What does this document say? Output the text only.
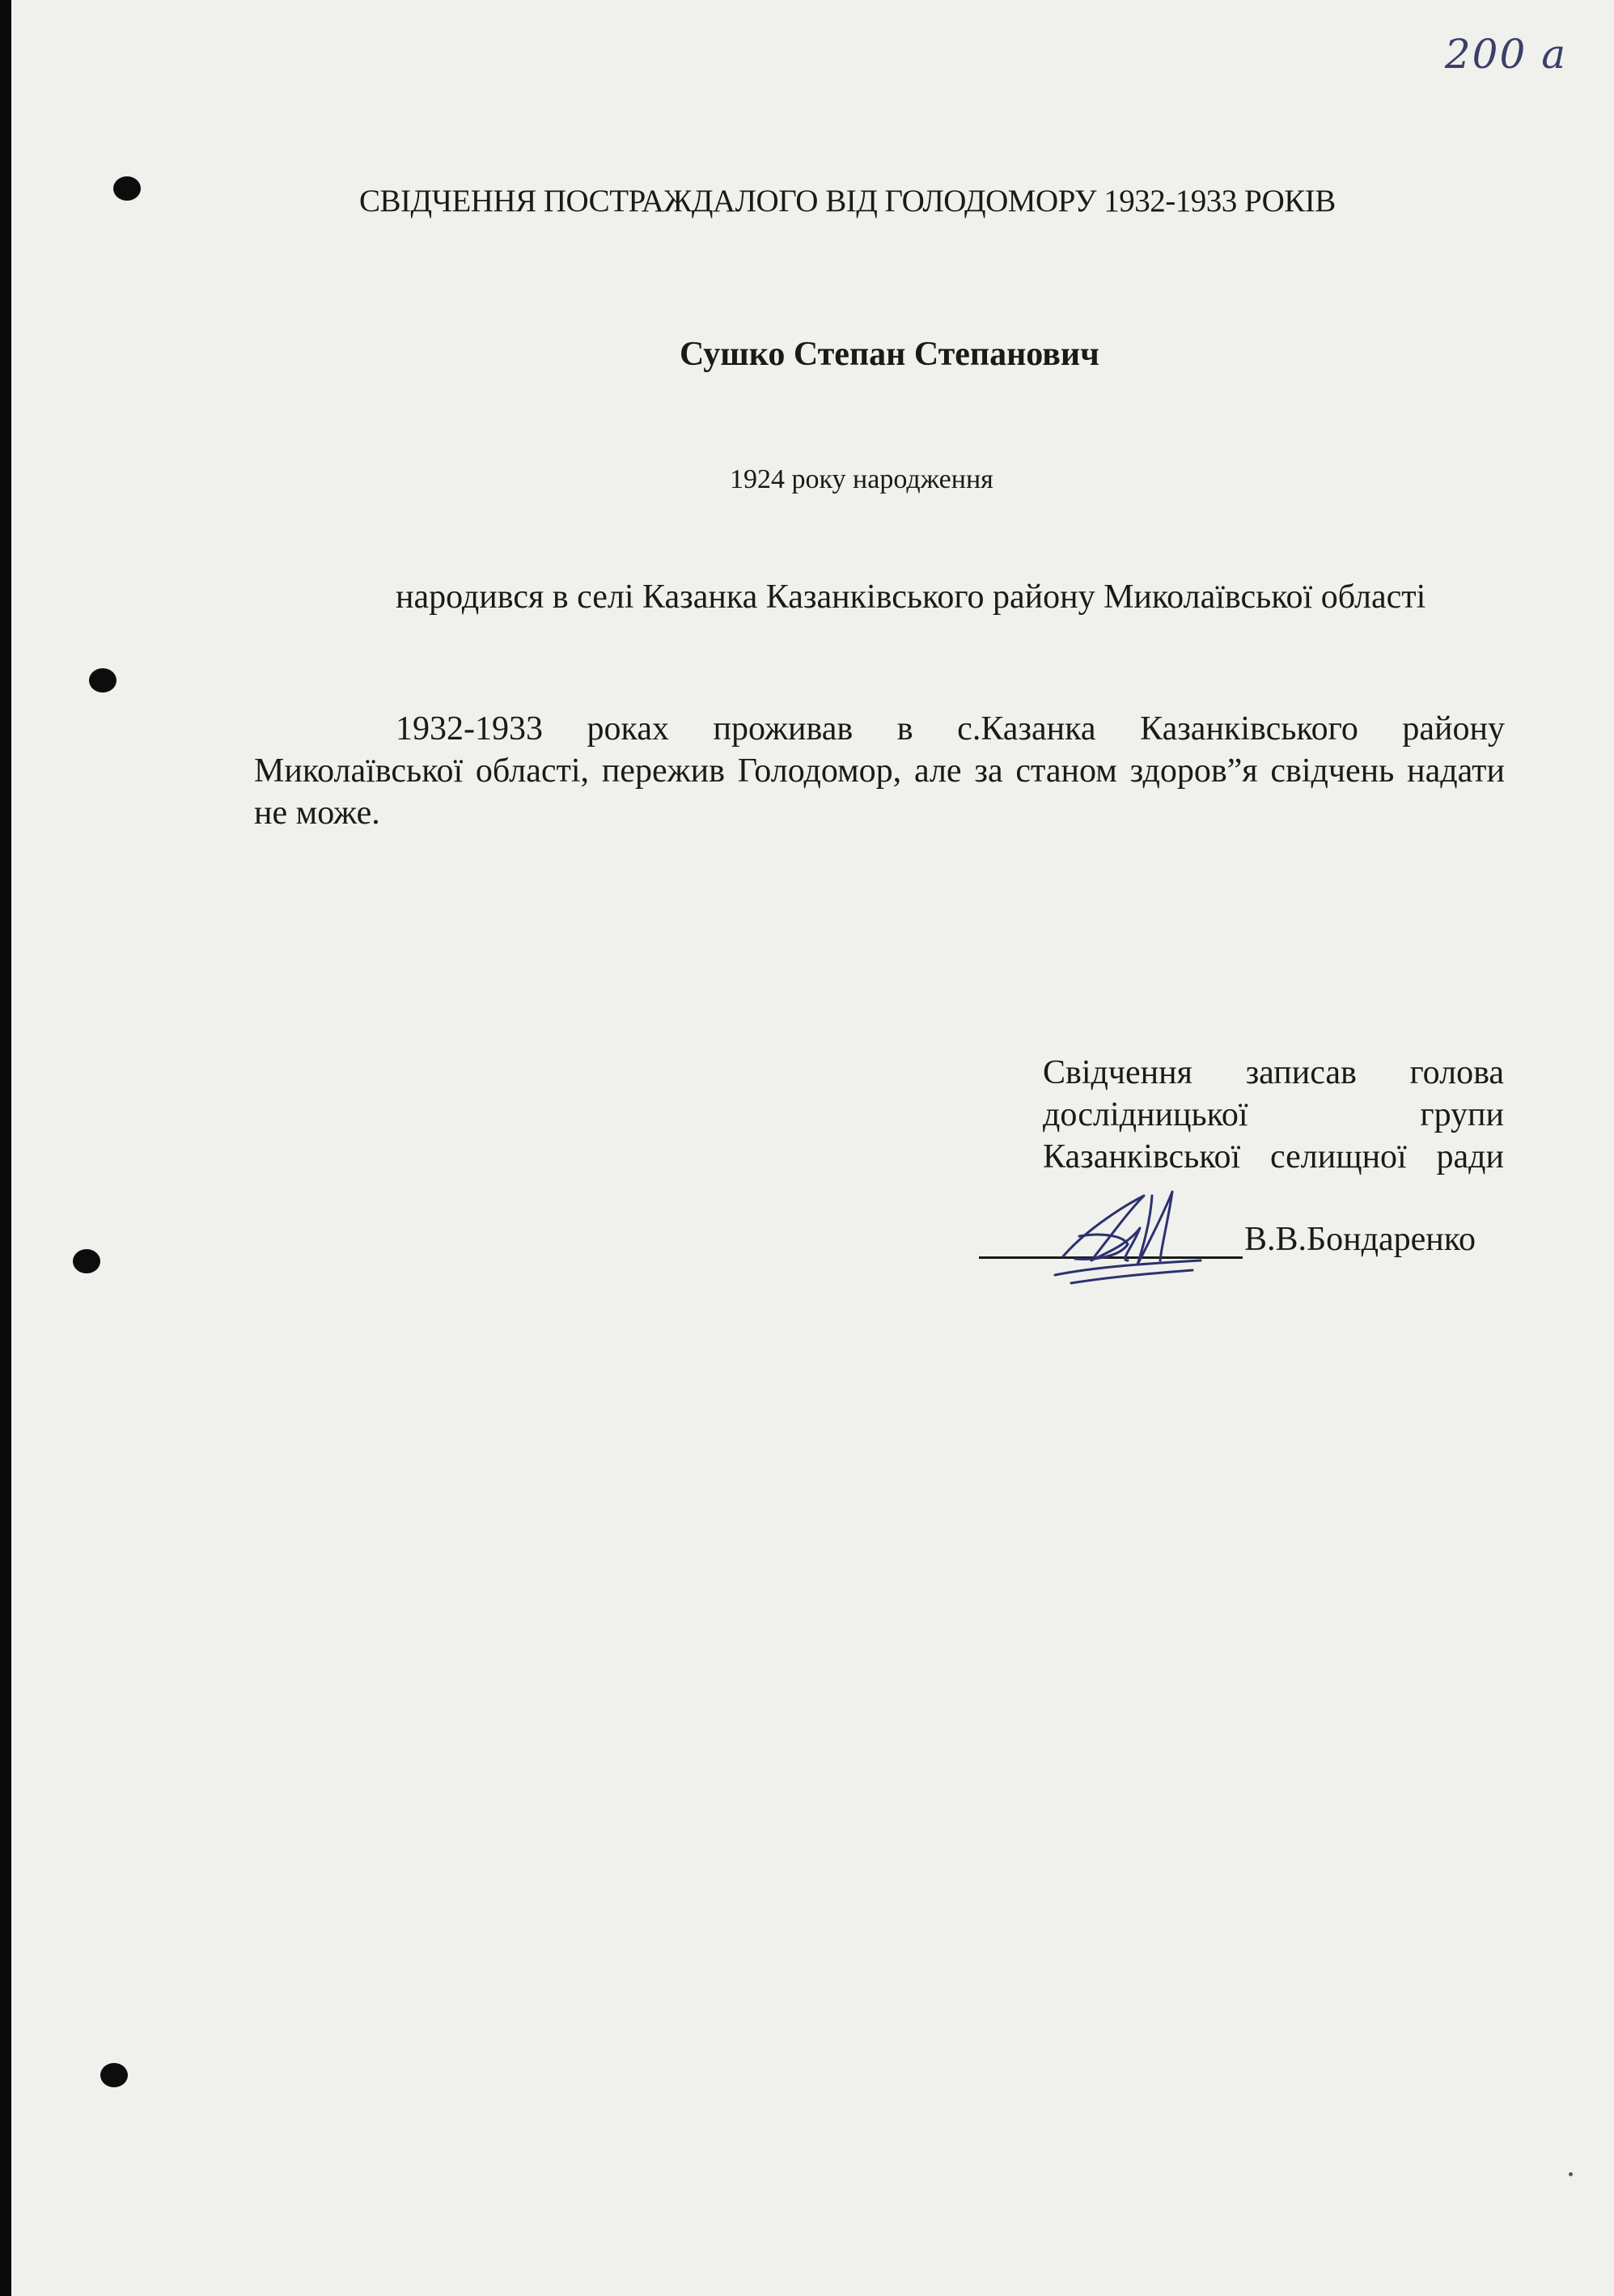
200 a
СВІДЧЕННЯ ПОСТРАЖДАЛОГО ВІД ГОЛОДОМОРУ 1932-1933 РОКІВ
Сушко Степан Степанович
1924 року народження

народився в селі Казанка Казанківського району Миколаївської області

1932-1933 роках проживав в с.Казанка Казанківського району Миколаївської області, пережив Голодомор, але за станом здоров”я свідчень надати не може.

Свідчення записав голова
дослідницької групи
Казанківської селищної ради
В.В.Бондаренко
